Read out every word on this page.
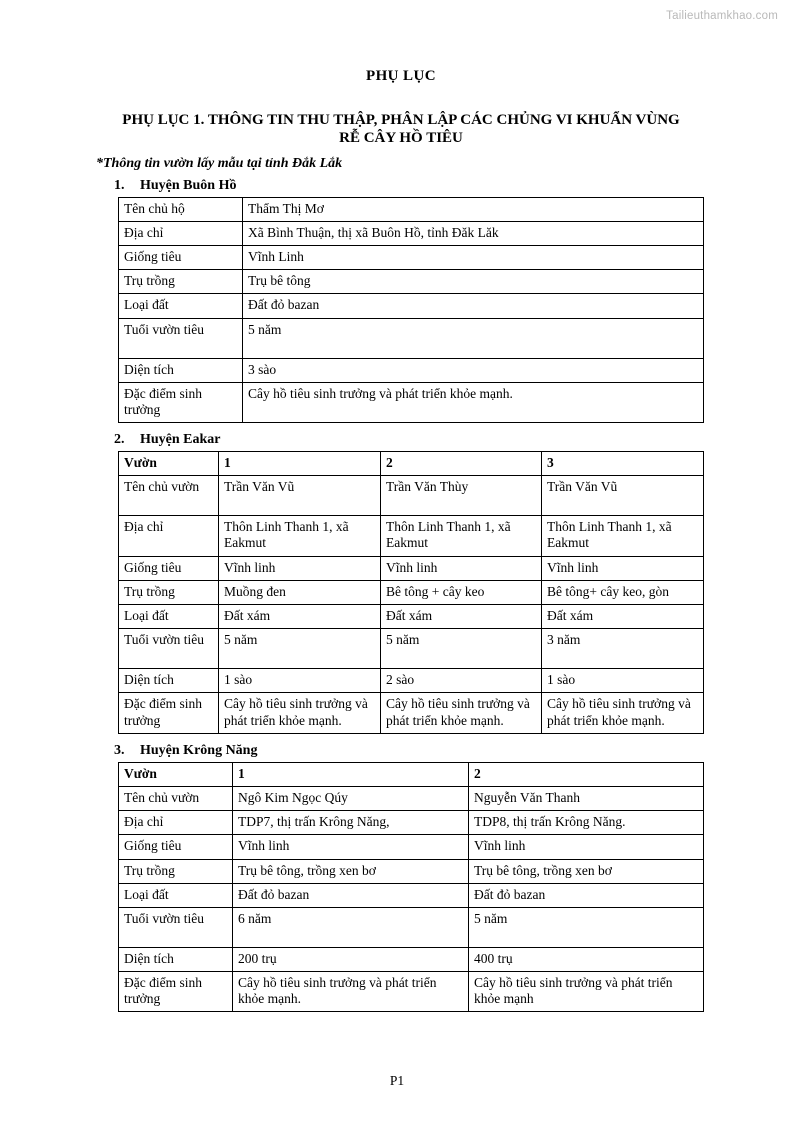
Tailieuthamkhao.com
PHỤ LỤC
PHỤ LỤC 1. THÔNG TIN THU THẬP, PHÂN LẬP CÁC CHỦNG VI KHUẨN VÙNG RỄ CÂY HỒ TIÊU
*Thông tin vườn lấy mẫu tại tỉnh Đắk Lắk
1. Huyện Buôn Hồ
Tên chủ hộ	Thẩm Thị Mơ
Địa chỉ	Xã Bình Thuận, thị xã Buôn Hồ, tỉnh Đăk Lăk
Giống tiêu	Vĩnh Linh
Trụ trồng	Trụ bê tông
Loại đất	Đất đỏ bazan
Tuổi vườn tiêu	5 năm
Diện tích	3 sào
Đặc điểm sinh trưởng	Cây hồ tiêu sinh trưởng và phát triển khỏe mạnh.
2. Huyện Eakar
Vườn	1	2	3
Tên chủ vườn	Trần Văn Vũ	Trần Văn Thùy	Trần Văn Vũ
Địa chỉ	Thôn Linh Thanh 1, xã Eakmut	Thôn Linh Thanh 1, xã Eakmut	Thôn Linh Thanh 1, xã Eakmut
Giống tiêu	Vĩnh linh	Vĩnh linh	Vĩnh linh
Trụ trồng	Muồng đen	Bê tông + cây keo	Bê tông+ cây keo, gòn
Loại đất	Đất xám	Đất xám	Đất xám
Tuổi vườn tiêu	5 năm	5 năm	3 năm
Diện tích	1 sào	2 sào	1 sào
Đặc điểm sinh trưởng	Cây hồ tiêu sinh trưởng và phát triển khỏe mạnh.	Cây hồ tiêu sinh trưởng và phát triển khỏe mạnh.	Cây hồ tiêu sinh trưởng và phát triển khỏe mạnh.
3. Huyện Krông Năng
Vườn	1	2
Tên chủ vườn	Ngô Kim Ngọc Qúy	Nguyễn Văn Thanh
Địa chỉ	TDP7, thị trấn Krông Năng,	TDP8, thị trấn Krông Năng.
Giống tiêu	Vĩnh linh	Vĩnh linh
Trụ trồng	Trụ bê tông, trồng xen bơ	Trụ bê tông, trồng xen bơ
Loại đất	Đất đỏ bazan	Đất đỏ bazan
Tuổi vườn tiêu	6 năm	5 năm
Diện tích	200 trụ	400 trụ
Đặc điểm sinh trưởng	Cây hồ tiêu sinh trưởng và phát triển khỏe mạnh.	Cây hồ tiêu sinh trưởng và phát triển khỏe mạnh
P1
